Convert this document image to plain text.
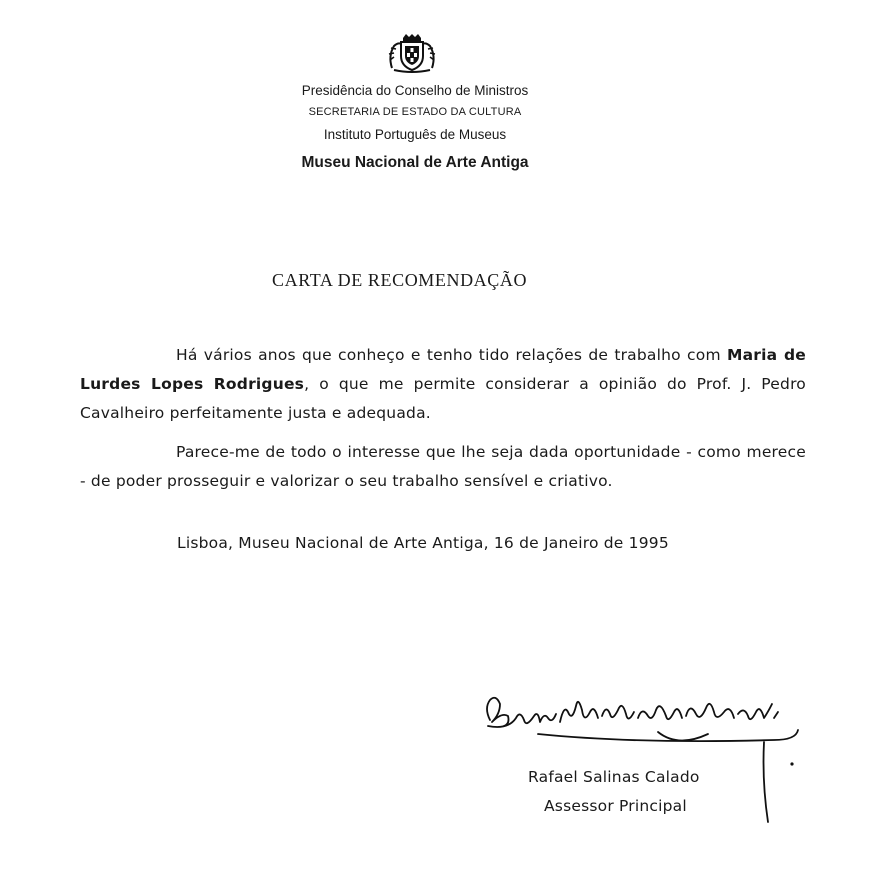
Presidência do Conselho de Ministros
SECRETARIA DE ESTADO DA CULTURA
Instituto Português de Museus
Museu Nacional de Arte Antiga
CARTA DE RECOMENDAÇÃO
Há vários anos que conheço e tenho tido relações de trabalho com Maria de Lurdes Lopes Rodrigues, o que me permite considerar a opinião do Prof. J. Pedro Cavalheiro perfeitamente justa e adequada.
Parece-me de todo o interesse que lhe seja dada oportunidade - como merece - de poder prosseguir e valorizar o seu trabalho sensível e criativo.
Lisboa, Museu Nacional de Arte Antiga, 16 de Janeiro de 1995
Rafael Salinas Calado
Assessor Principal
